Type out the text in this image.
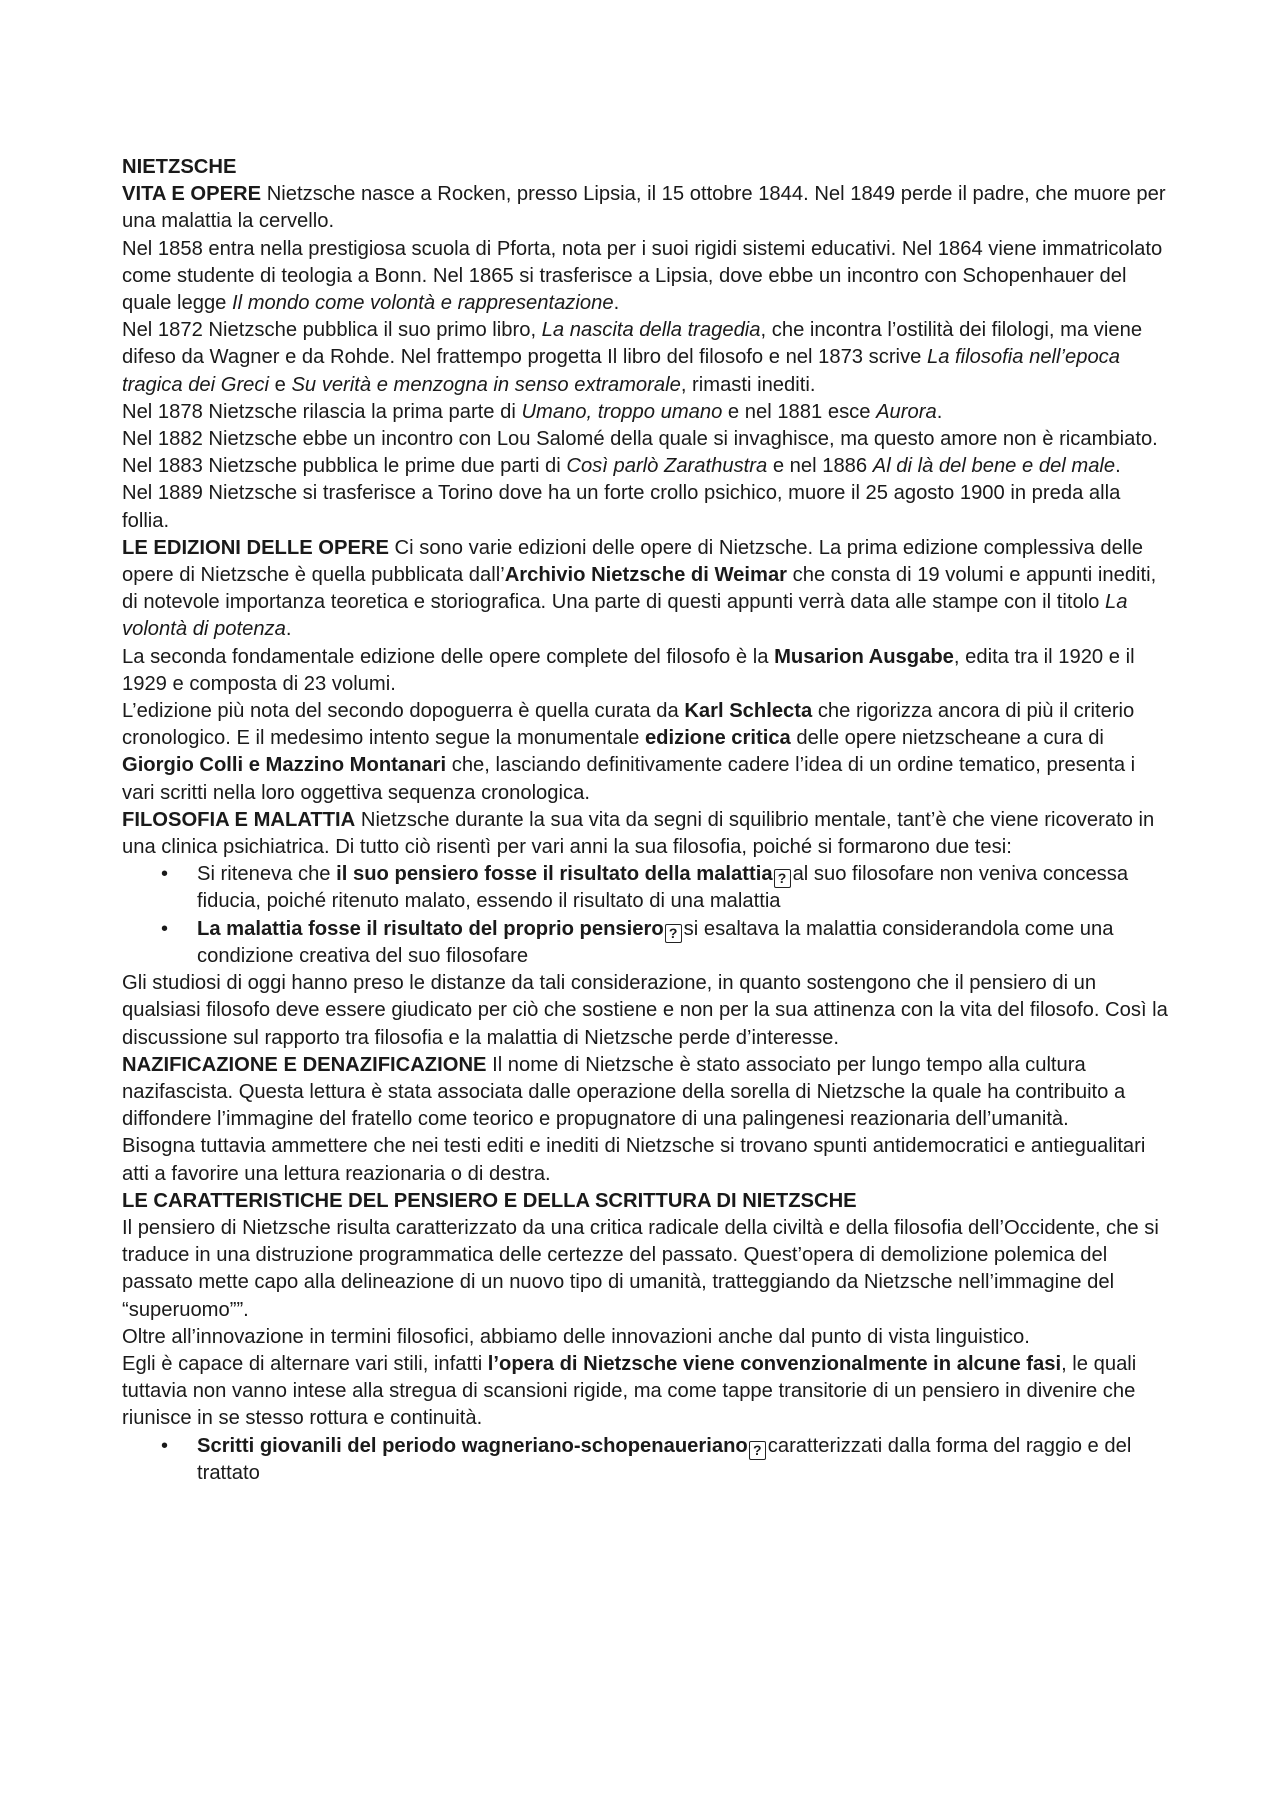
NIETZSCHE

VITA E OPERE Nietzsche nasce a Rocken, presso Lipsia, il 15 ottobre 1844. Nel 1849 perde il padre, che muore per una malattia la cervello.

Nel 1858 entra nella prestigiosa scuola di Pforta, nota per i suoi rigidi sistemi educativi. Nel 1864 viene immatricolato come studente di teologia a Bonn. Nel 1865 si trasferisce a Lipsia, dove ebbe un incontro con Schopenhauer del quale legge Il mondo come volontà e rappresentazione.

Nel 1872 Nietzsche pubblica il suo primo libro, La nascita della tragedia, che incontra l’ostilità dei filologi, ma viene difeso da Wagner e da Rohde. Nel frattempo progetta Il libro del filosofo e nel 1873 scrive La filosofia nell’epoca tragica dei Greci e Su verità e menzogna in senso extramorale, rimasti inediti.

Nel 1878 Nietzsche rilascia la prima parte di Umano, troppo umano e nel 1881 esce Aurora.

Nel 1882 Nietzsche ebbe un incontro con Lou Salomé della quale si invaghisce, ma questo amore non è ricambiato.

Nel 1883 Nietzsche pubblica le prime due parti di Così parlò Zarathustra e nel 1886 Al di là del bene e del male.

Nel 1889 Nietzsche si trasferisce a Torino dove ha un forte crollo psichico, muore il 25 agosto 1900 in preda alla follia.

LE EDIZIONI DELLE OPERE Ci sono varie edizioni delle opere di Nietzsche. La prima edizione complessiva delle opere di Nietzsche è quella pubblicata dall’Archivio Nietzsche di Weimar che consta di 19 volumi e appunti inediti, di notevole importanza teoretica e storiografica. Una parte di questi appunti verrà data alle stampe con il titolo La volontà di potenza.

La seconda fondamentale edizione delle opere complete del filosofo è la Musarion Ausgabe, edita tra il 1920 e il 1929 e composta di 23 volumi.

L’edizione più nota del secondo dopoguerra è quella curata da Karl Schlecta che rigorizza ancora di più il criterio cronologico. E il medesimo intento segue la monumentale edizione critica delle opere nietzscheane a cura di Giorgio Colli e Mazzino Montanari che, lasciando definitivamente cadere l’idea di un ordine tematico, presenta i vari scritti nella loro oggettiva sequenza cronologica.

FILOSOFIA E MALATTIA Nietzsche durante la sua vita da segni di squilibrio mentale, tant’è che viene ricoverato in una clinica psichiatrica. Di tutto ciò risentì per vari anni la sua filosofia, poiché si formarono due tesi:

• Si riteneva che il suo pensiero fosse il risultato della malattia ? al suo filosofare non veniva concessa fiducia, poiché ritenuto malato, essendo il risultato di una malattia
• La malattia fosse il risultato del proprio pensiero ? si esaltava la malattia considerandola come una condizione creativa del suo filosofare

Gli studiosi di oggi hanno preso le distanze da tali considerazione, in quanto sostengono che il pensiero di un qualsiasi filosofo deve essere giudicato per ciò che sostiene e non per la sua attinenza con la vita del filosofo. Così la discussione sul rapporto tra filosofia e la malattia di Nietzsche perde d’interesse.

NAZIFICAZIONE E DENAZIFICAZIONE Il nome di Nietzsche è stato associato per lungo tempo alla cultura nazifascista. Questa lettura è stata associata dalle operazione della sorella di Nietzsche la quale ha contribuito a diffondere l’immagine del fratello come teorico e propugnatore di una palingenesi reazionaria dell’umanità.

Bisogna tuttavia ammettere che nei testi editi e inediti di Nietzsche si trovano spunti antidemocratici e antiegualitari atti a favorire una lettura reazionaria o di destra.

LE CARATTERISTICHE DEL PENSIERO E DELLA SCRITTURA DI NIETZSCHE

Il pensiero di Nietzsche risulta caratterizzato da una critica radicale della civiltà e della filosofia dell’Occidente, che si traduce in una distruzione programmatica delle certezze del passato. Quest’opera di demolizione polemica del passato mette capo alla delineazione di un nuovo tipo di umanità, tratteggiando da Nietzsche nell’immagine del “superuomo””.

Oltre all’innovazione in termini filosofici, abbiamo delle innovazioni anche dal punto di vista linguistico.

Egli è capace di alternare vari stili, infatti l’opera di Nietzsche viene convenzionalmente in alcune fasi, le quali tuttavia non vanno intese alla stregua di scansioni rigide, ma come tappe transitorie di un pensiero in divenire che riunisce in se stesso rottura e continuità.

• Scritti giovanili del periodo wagneriano-schopenaueriano ? caratterizzati dalla forma del raggio e del trattato
